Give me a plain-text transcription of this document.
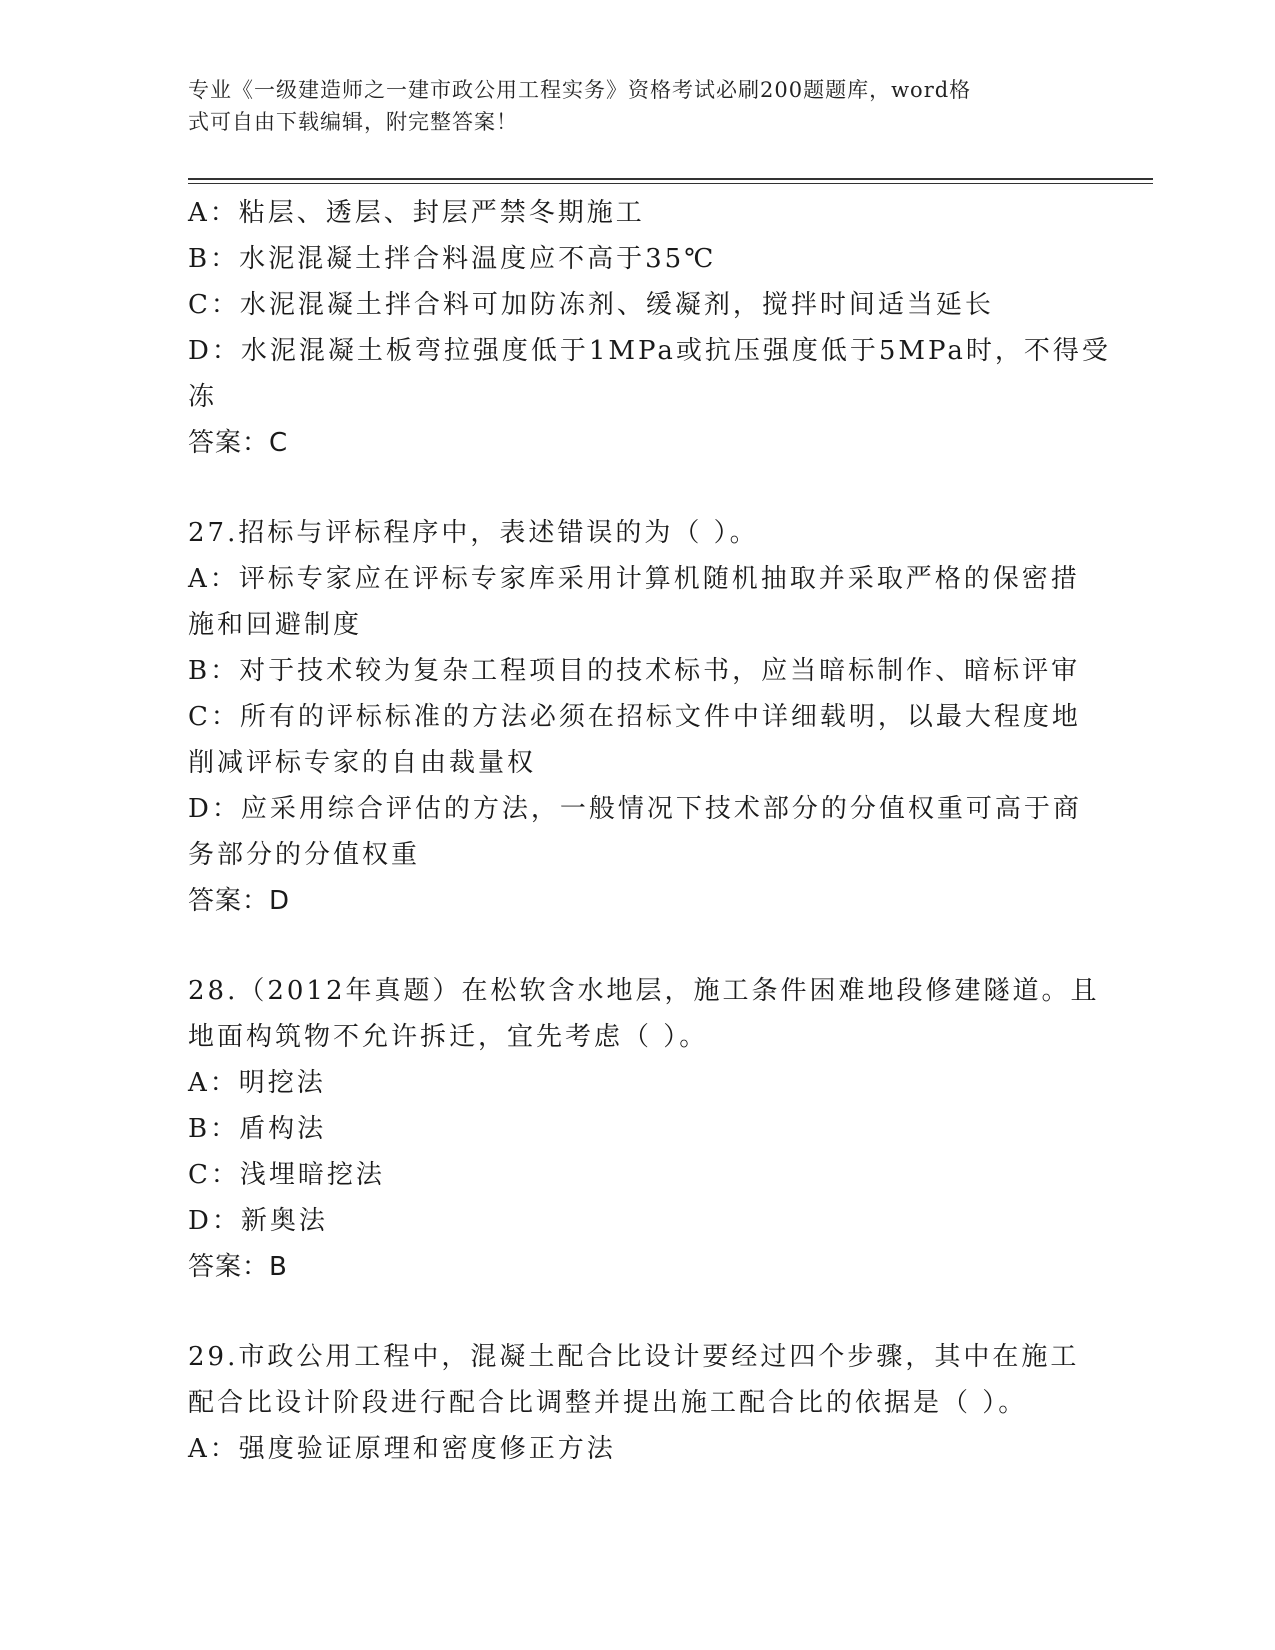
专业《一级建造师之一建市政公用工程实务》资格考试必刷200题题库，word格
式可自由下载编辑，附完整答案！
A：粘层、透层、封层严禁冬期施工
B：水泥混凝土拌合料温度应不高于35℃
C：水泥混凝土拌合料可加防冻剂、缓凝剂，搅拌时间适当延长
D：水泥混凝土板弯拉强度低于1MPa或抗压强度低于5MPa时，不得受
冻
答案：C
27.招标与评标程序中，表述错误的为（ ）。
A：评标专家应在评标专家库采用计算机随机抽取并采取严格的保密措
施和回避制度
B：对于技术较为复杂工程项目的技术标书，应当暗标制作、暗标评审
C：所有的评标标准的方法必须在招标文件中详细载明，以最大程度地
削减评标专家的自由裁量权
D：应采用综合评估的方法，一般情况下技术部分的分值权重可高于商
务部分的分值权重
答案：D
28.（2012年真题）在松软含水地层，施工条件困难地段修建隧道。且
地面构筑物不允许拆迁，宜先考虑（ ）。
A：明挖法
B：盾构法
C：浅埋暗挖法
D：新奥法
答案：B
29.市政公用工程中，混凝土配合比设计要经过四个步骤，其中在施工
配合比设计阶段进行配合比调整并提出施工配合比的依据是（ ）。
A：强度验证原理和密度修正方法
